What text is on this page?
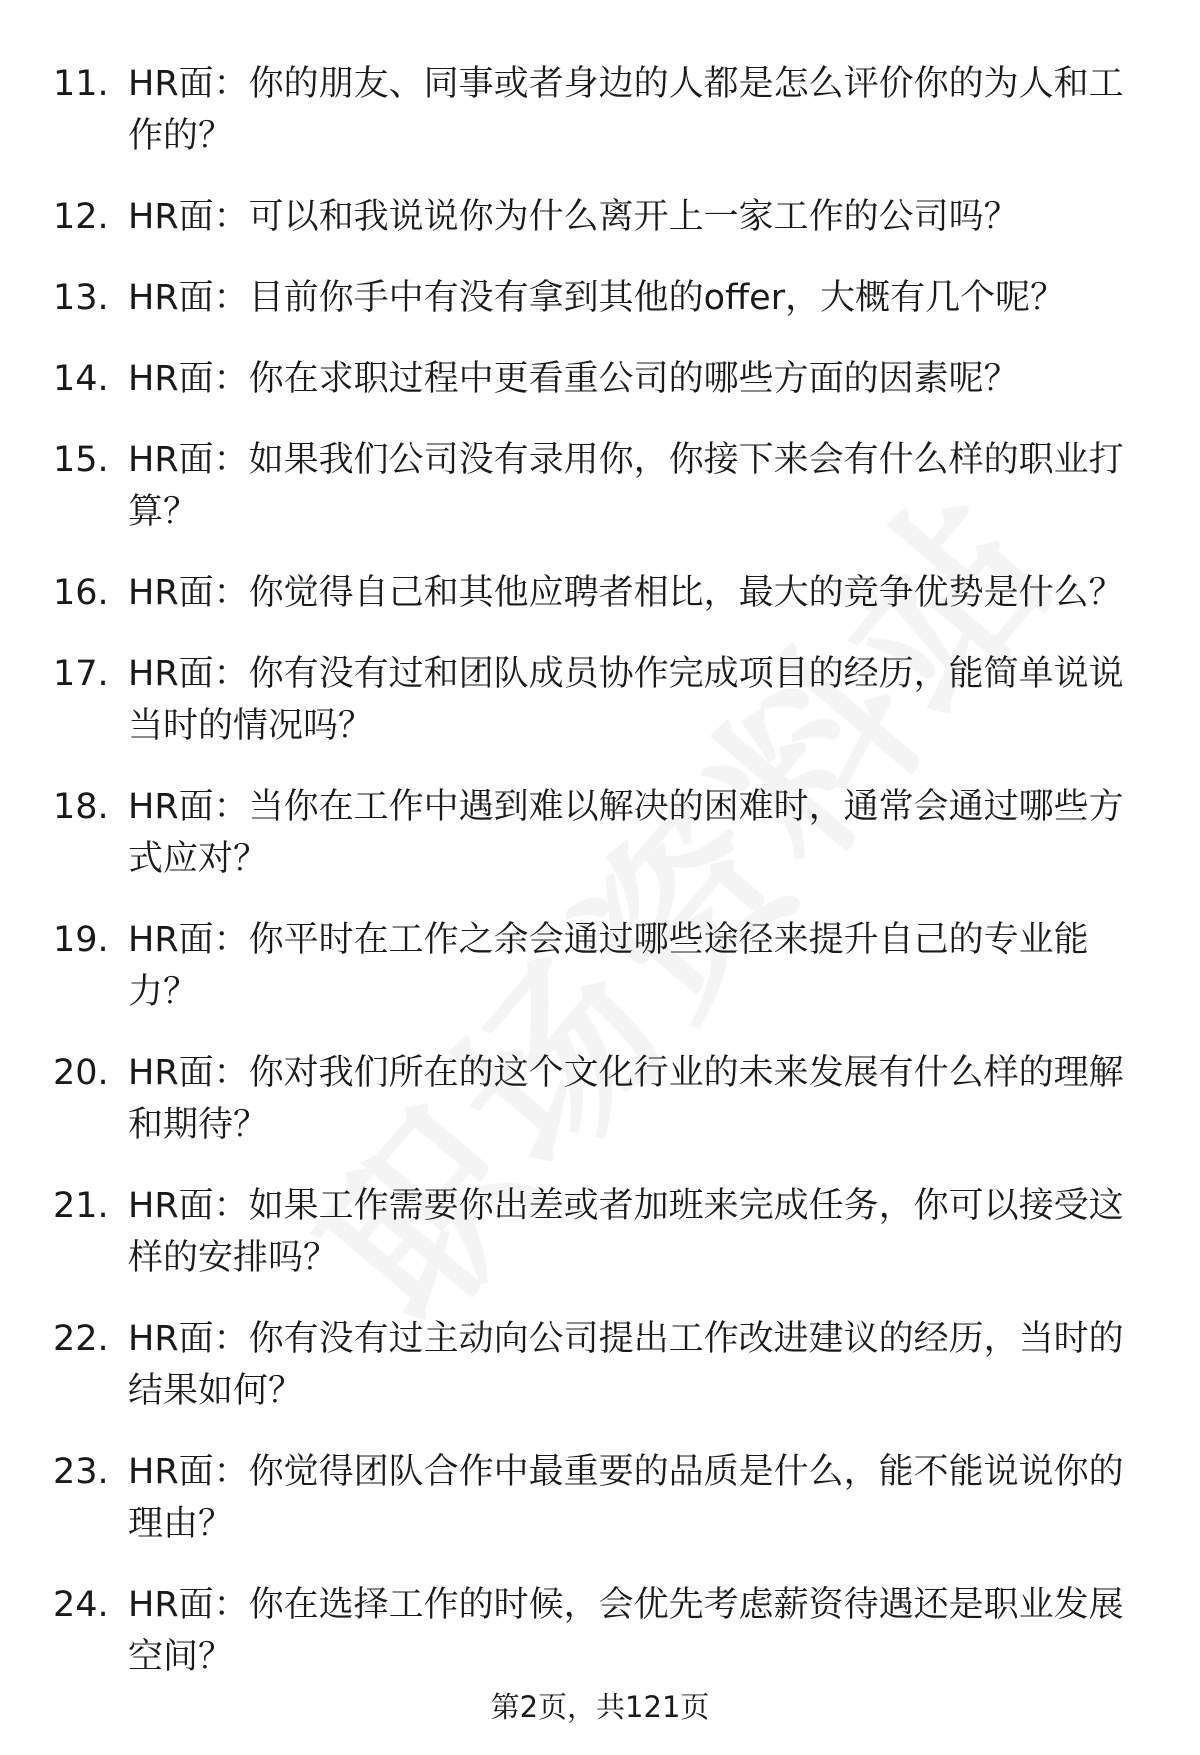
11. HR面：你的朋友、同事或者身边的人都是怎么评价你的为人和工作的？
12. HR面：可以和我说说你为什么离开上一家工作的公司吗？
13. HR面：目前你手中有没有拿到其他的offer，大概有几个呢？
14. HR面：你在求职过程中更看重公司的哪些方面的因素呢？
15. HR面：如果我们公司没有录用你，你接下来会有什么样的职业打算？
16. HR面：你觉得自己和其他应聘者相比，最大的竞争优势是什么？
17. HR面：你有没有过和团队成员协作完成项目的经历，能简单说说当时的情况吗？
18. HR面：当你在工作中遇到难以解决的困难时，通常会通过哪些方式应对？
19. HR面：你平时在工作之余会通过哪些途径来提升自己的专业能力？
20. HR面：你对我们所在的这个文化行业的未来发展有什么样的理解和期待？
21. HR面：如果工作需要你出差或者加班来完成任务，你可以接受这样的安排吗？
22. HR面：你有没有过主动向公司提出工作改进建议的经历，当时的结果如何？
23. HR面：你觉得团队合作中最重要的品质是什么，能不能说说你的理由？
24. HR面：你在选择工作的时候，会优先考虑薪资待遇还是职业发展空间？
第2页，共121页
